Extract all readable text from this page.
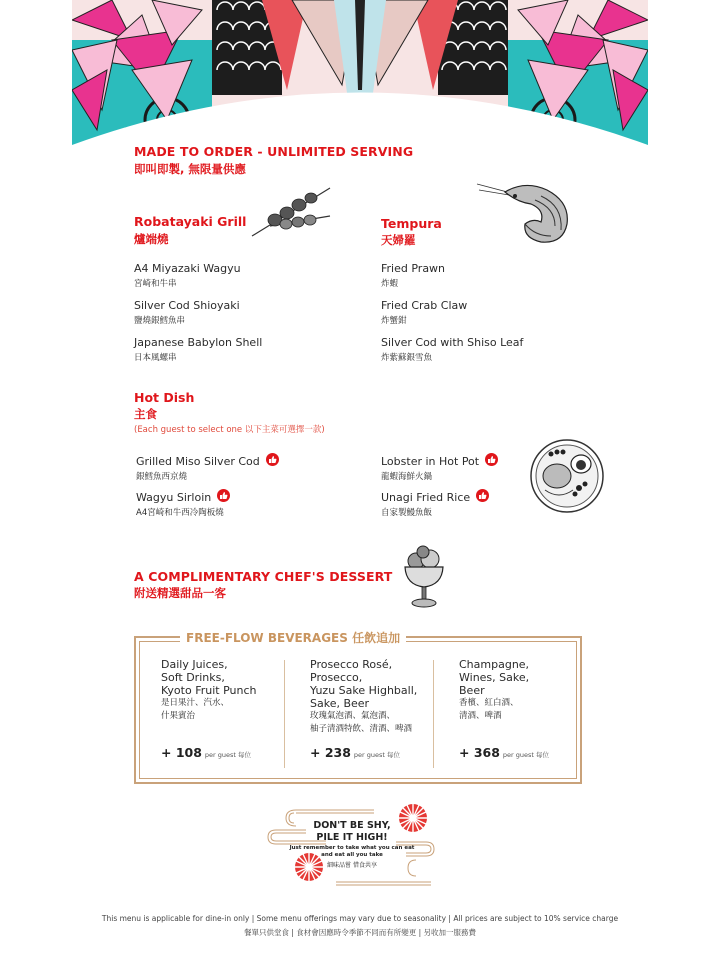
MADE TO ORDER - UNLIMITED SERVING
即叫即製, 無限量供應
Robatayaki Grill
爐端燒
A4 Miyazaki Wagyu
宮崎和牛串
Silver Cod Shioyaki
鹽燒銀鱈魚串
Japanese Babylon Shell
日本風螺串
Tempura
天婦羅
Fried Prawn
炸蝦
Fried Crab Claw
炸蟹鉗
Silver Cod with Shiso Leaf
炸紫蘇銀雪魚
Hot Dish
主食
(Each guest to select one 以下主菜可選擇一款)
Grilled Miso Silver Cod
銀鱈魚西京燒
Wagyu Sirloin
A4宮崎和牛西冷陶板燒
Lobster in Hot Pot
龍蝦海鮮火鍋
Unagi Fried Rice
自家製鰻魚飯
A COMPLIMENTARY CHEF'S DESSERT
附送精選甜品一客
FREE-FLOW BEVERAGES 任飲追加
Daily Juices,
Soft Drinks,
Kyoto Fruit Punch
是日果汁、汽水、
什果賓治
+ 108 per guest 每位
Prosecco Rosé,
Prosecco,
Yuzu Sake Highball,
Sake, Beer
玫瑰氣泡酒、氣泡酒、
柚子清酒特飲、清酒、啤酒
+ 238 per guest 每位
Champagne,
Wines, Sake,
Beer
香檳、紅白酒、
清酒、啤酒
+ 368 per guest 每位
DON'T BE SHY,
PILE IT HIGH!
Just remember to take what you can eat
and eat all you take
細味品嘗 惜食共享
This menu is applicable for dine-in only | Some menu offerings may vary due to seasonality | All prices are subject to 10% service charge
餐單只供堂食 | 食材會因應時令季節不同而有所變更 | 另收加一服務費
